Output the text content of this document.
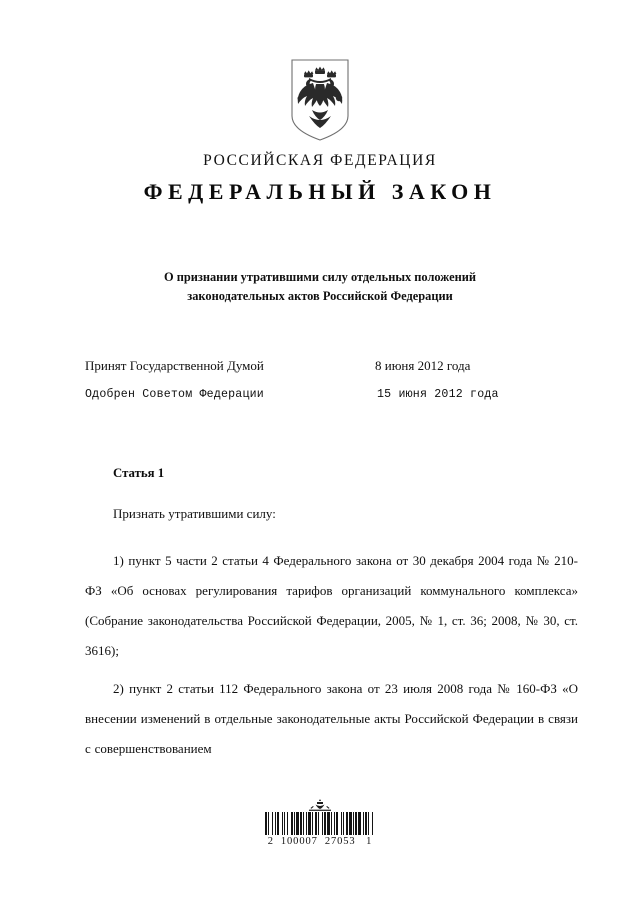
РОССИЙСКАЯ ФЕДЕРАЦИЯ
ФЕДЕРАЛЬНЫЙ ЗАКОН
О признании утратившими силу отдельных положений
законодательных актов Российской Федерации
Принят Государственной Думой	8 июня 2012 года
Одобрен Советом Федерации	15 июня 2012 года
Статья 1
Признать утратившими силу:

1) пункт 5 части 2 статьи 4 Федерального закона от 30 декабря 2004 года № 210-ФЗ «Об основах регулирования тарифов организаций коммунального комплекса» (Собрание законодательства Российской Федерации, 2005, № 1, ст. 36; 2008, № 30, ст. 3616);

2) пункт 2 статьи 112 Федерального закона от 23 июля 2008 года № 160-ФЗ «О внесении изменений в отдельные законодательные акты Российской Федерации в связи с совершенствованием

2  100007  27053   1
